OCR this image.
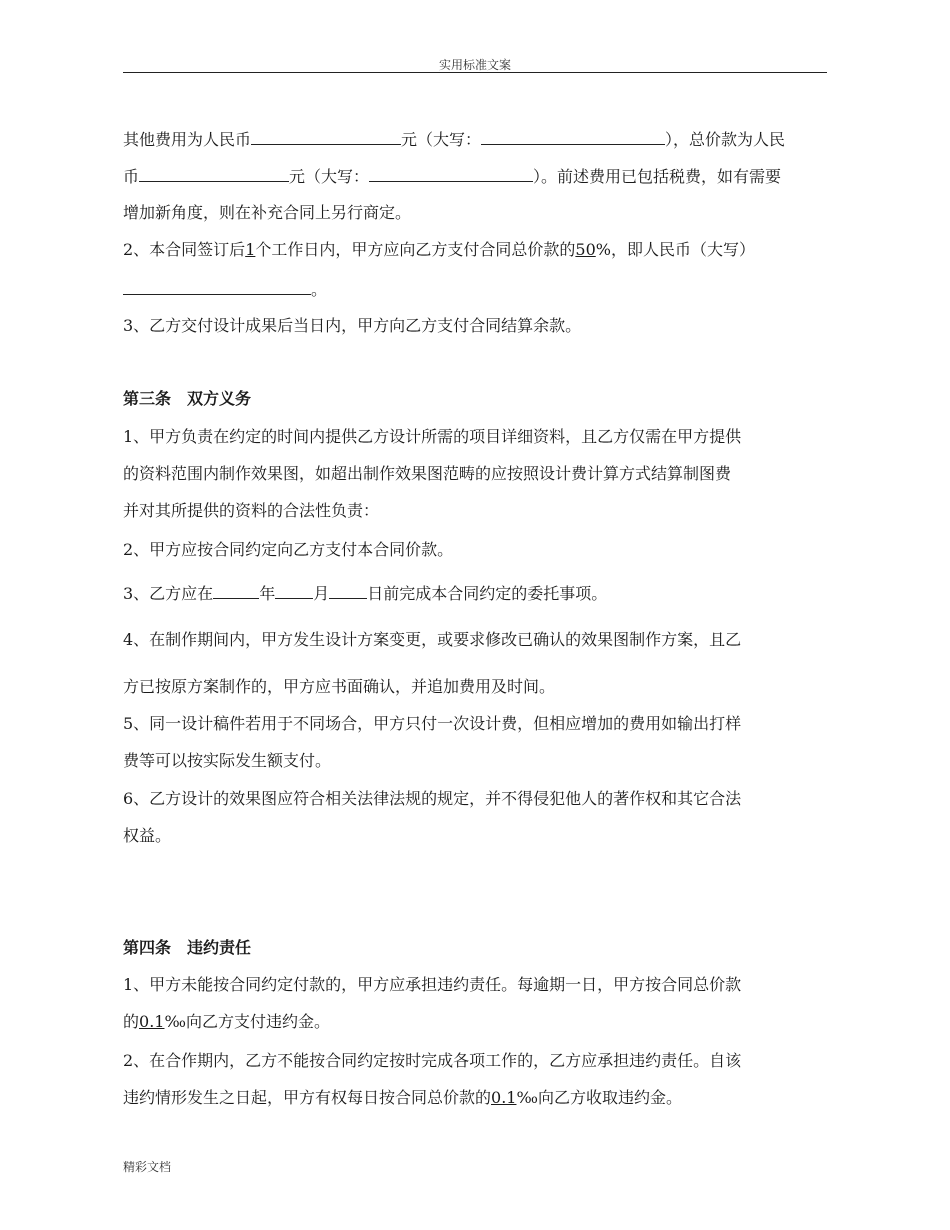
实用标准文案
其他费用为人民币	元（大写：	），总价款为人民
币	元（大写：	）。前述费用已包括税费，如有需要
增加新角度，则在补充合同上另行商定。
2、本合同签订后1个工作日内，甲方应向乙方支付合同总价款的50%，即人民币（大写）
。
3、乙方交付设计成果后当日内，甲方向乙方支付合同结算余款。
第三条　双方义务
1、甲方负责在约定的时间内提供乙方设计所需的项目详细资料，且乙方仅需在甲方提供
的资料范围内制作效果图，如超出制作效果图范畴的应按照设计费计算方式结算制图费
并对其所提供的资料的合法性负责：
2、甲方应按合同约定向乙方支付本合同价款。
3、乙方应在	年 月 日前完成本合同约定的委托事项。
4、在制作期间内，甲方发生设计方案变更，或要求修改已确认的效果图制作方案，且乙
方已按原方案制作的，甲方应书面确认，并追加费用及时间。
5、同一设计稿件若用于不同场合，甲方只付一次设计费，但相应增加的费用如输出打样
费等可以按实际发生额支付。
6、乙方设计的效果图应符合相关法律法规的规定，并不得侵犯他人的著作权和其它合法
权益。
第四条　违约责任
1、甲方未能按合同约定付款的，甲方应承担违约责任。每逾期一日，甲方按合同总价款
的0.1‰向乙方支付违约金。
2、在合作期内，乙方不能按合同约定按时完成各项工作的，乙方应承担违约责任。自该
违约情形发生之日起，甲方有权每日按合同总价款的0.1‰向乙方收取违约金。
精彩文档
